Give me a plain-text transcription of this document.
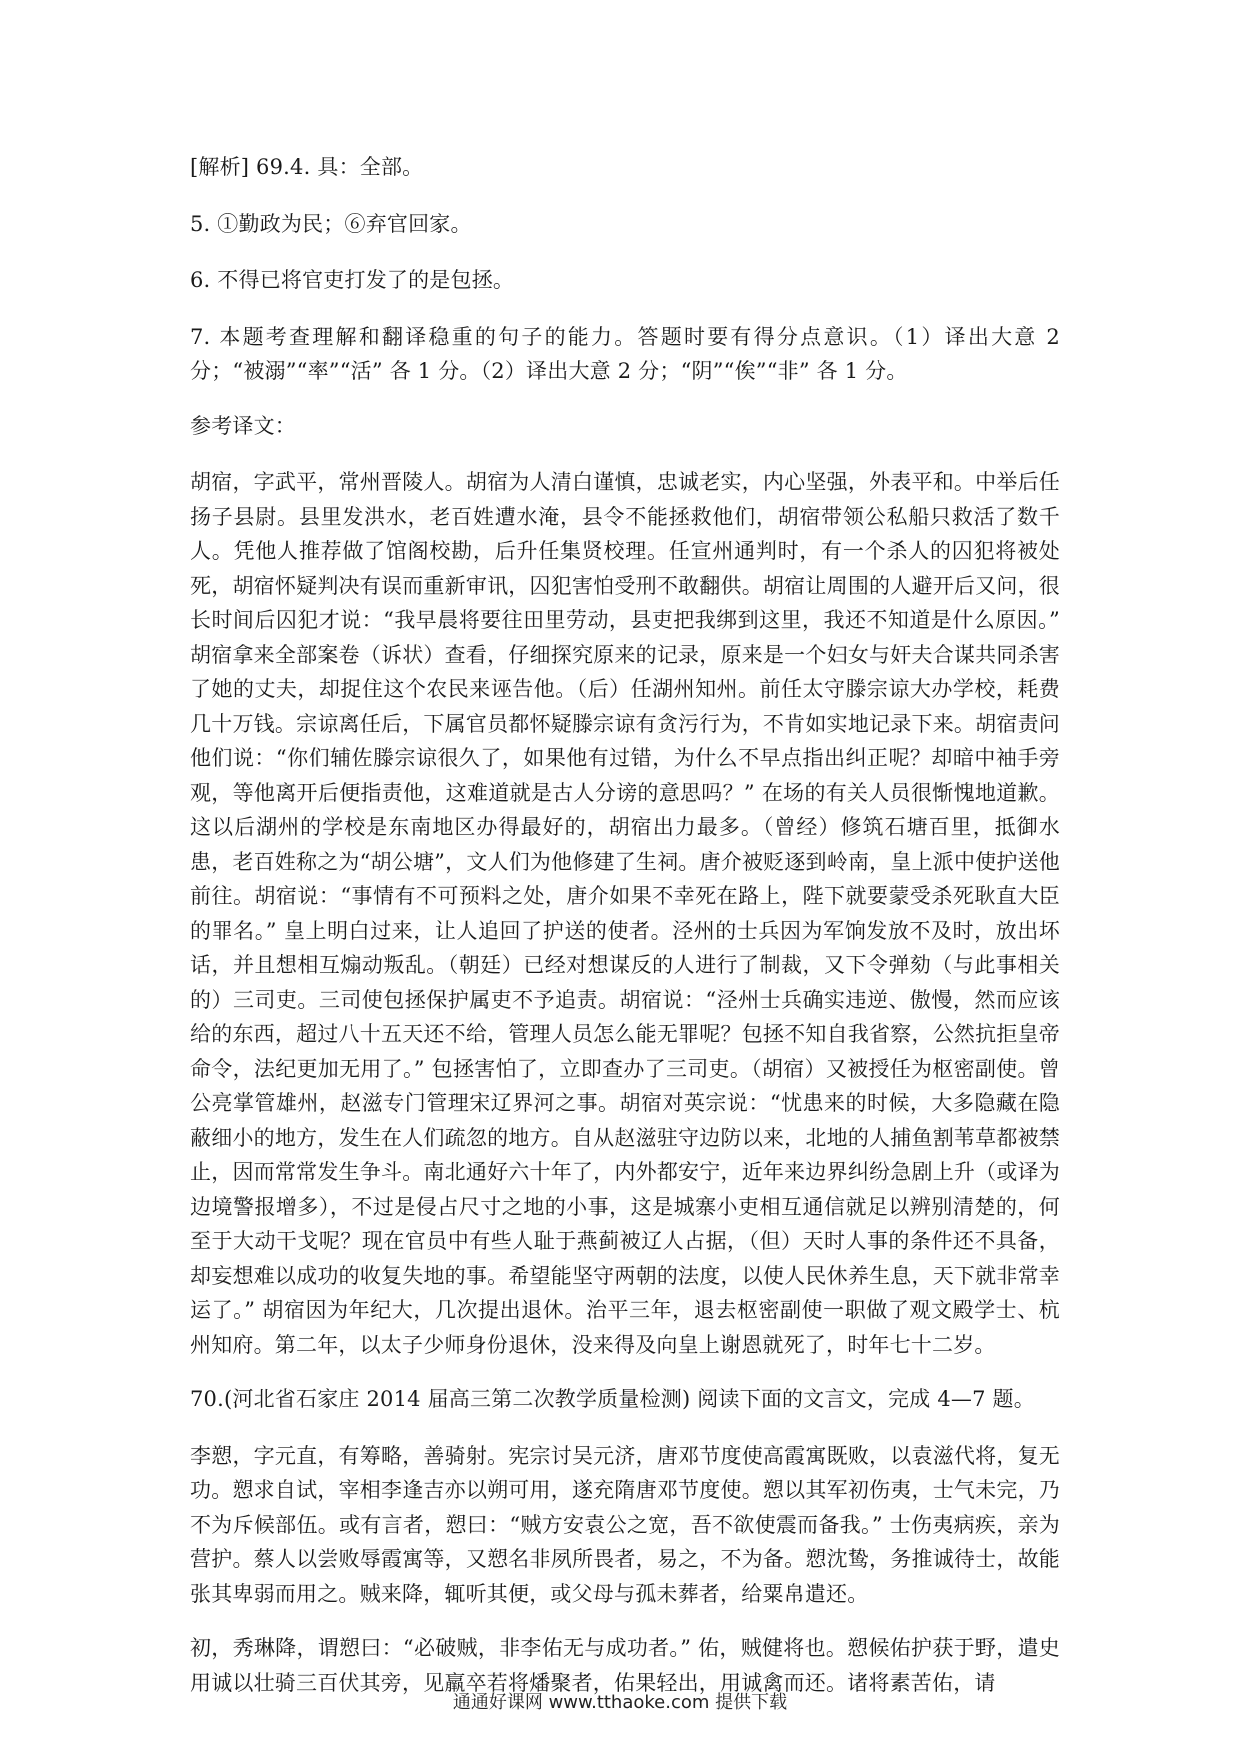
[解析] 69.4. 具：全部。

5. ①勤政为民；⑥弃官回家。

6. 不得已将官吏打发了的是包拯。

7. 本题考查理解和翻译稳重的句子的能力。答题时要有得分点意识。（1）译出大意 2 分；“被溺”“率”“活” 各 1 分。（2）译出大意 2 分；“阴”“俟”“非” 各 1 分。

参考译文：

胡宿，字武平，常州晋陵人。胡宿为人清白谨慎，忠诚老实，内心坚强，外表平和。中举后任扬子县尉。县里发洪水，老百姓遭水淹，县令不能拯救他们，胡宿带领公私船只救活了数千人。凭他人推荐做了馆阁校勘，后升任集贤校理。任宣州通判时，有一个杀人的囚犯将被处死，胡宿怀疑判决有误而重新审讯，囚犯害怕受刑不敢翻供。胡宿让周围的人避开后又问，很长时间后囚犯才说：“我早晨将要往田里劳动，县吏把我绑到这里，我还不知道是什么原因。” 胡宿拿来全部案卷（诉状）查看，仔细探究原来的记录，原来是一个妇女与奸夫合谋共同杀害了她的丈夫，却捉住这个农民来诬告他。（后）任湖州知州。前任太守滕宗谅大办学校，耗费几十万钱。宗谅离任后，下属官员都怀疑滕宗谅有贪污行为，不肯如实地记录下来。胡宿责问他们说：“你们辅佐滕宗谅很久了，如果他有过错，为什么不早点指出纠正呢？却暗中袖手旁观，等他离开后便指责他，这难道就是古人分谤的意思吗？” 在场的有关人员很惭愧地道歉。这以后湖州的学校是东南地区办得最好的，胡宿出力最多。（曾经）修筑石塘百里，抵御水患，老百姓称之为“胡公塘”，文人们为他修建了生祠。唐介被贬逐到岭南，皇上派中使护送他前往。胡宿说：“事情有不可预料之处，唐介如果不幸死在路上，陛下就要蒙受杀死耿直大臣的罪名。” 皇上明白过来，让人追回了护送的使者。泾州的士兵因为军饷发放不及时，放出坏话，并且想相互煽动叛乱。（朝廷）已经对想谋反的人进行了制裁，又下令弹劾（与此事相关的）三司吏。三司使包拯保护属吏不予追责。胡宿说：“泾州士兵确实违逆、傲慢，然而应该给的东西，超过八十五天还不给，管理人员怎么能无罪呢？包拯不知自我省察，公然抗拒皇帝命令，法纪更加无用了。” 包拯害怕了，立即查办了三司吏。（胡宿）又被授任为枢密副使。曾公亮掌管雄州，赵滋专门管理宋辽界河之事。胡宿对英宗说：“忧患来的时候，大多隐藏在隐蔽细小的地方，发生在人们疏忽的地方。自从赵滋驻守边防以来，北地的人捕鱼割苇草都被禁止，因而常常发生争斗。南北通好六十年了，内外都安宁，近年来边界纠纷急剧上升（或译为边境警报增多），不过是侵占尺寸之地的小事，这是城寨小吏相互通信就足以辨别清楚的，何至于大动干戈呢？现在官员中有些人耻于燕蓟被辽人占据，（但）天时人事的条件还不具备，却妄想难以成功的收复失地的事。希望能坚守两朝的法度，以使人民休养生息，天下就非常幸运了。” 胡宿因为年纪大，几次提出退休。治平三年，退去枢密副使一职做了观文殿学士、杭州知府。第二年，以太子少师身份退休，没来得及向皇上谢恩就死了，时年七十二岁。

70.(河北省石家庄 2014 届高三第二次教学质量检测) 阅读下面的文言文，完成 4—7 题。

李愬，字元直，有筹略，善骑射。宪宗讨吴元济，唐邓节度使高霞寓既败，以袁滋代将，复无功。愬求自试，宰相李逢吉亦以朔可用，遂充隋唐邓节度使。愬以其军初伤夷，士气未完，乃不为斥候部伍。或有言者，愬曰：“贼方安袁公之宽，吾不欲使震而备我。” 士伤夷病疾，亲为营护。蔡人以尝败辱霞寓等，又愬名非夙所畏者，易之，不为备。愬沈鸷，务推诚待士，故能张其卑弱而用之。贼来降，辄听其便，或父母与孤未葬者，给粟帛遣还。

初，秀琳降，谓愬曰：“必破贼，非李佑无与成功者。” 佑，贼健将也。愬候佑护获于野，遣史用诚以壮骑三百伏其旁，见羸卒若将燔聚者，佑果轻出，用诚禽而还。诸将素苦佑，请

通通好课网 www.tthaoke.com 提供下载
